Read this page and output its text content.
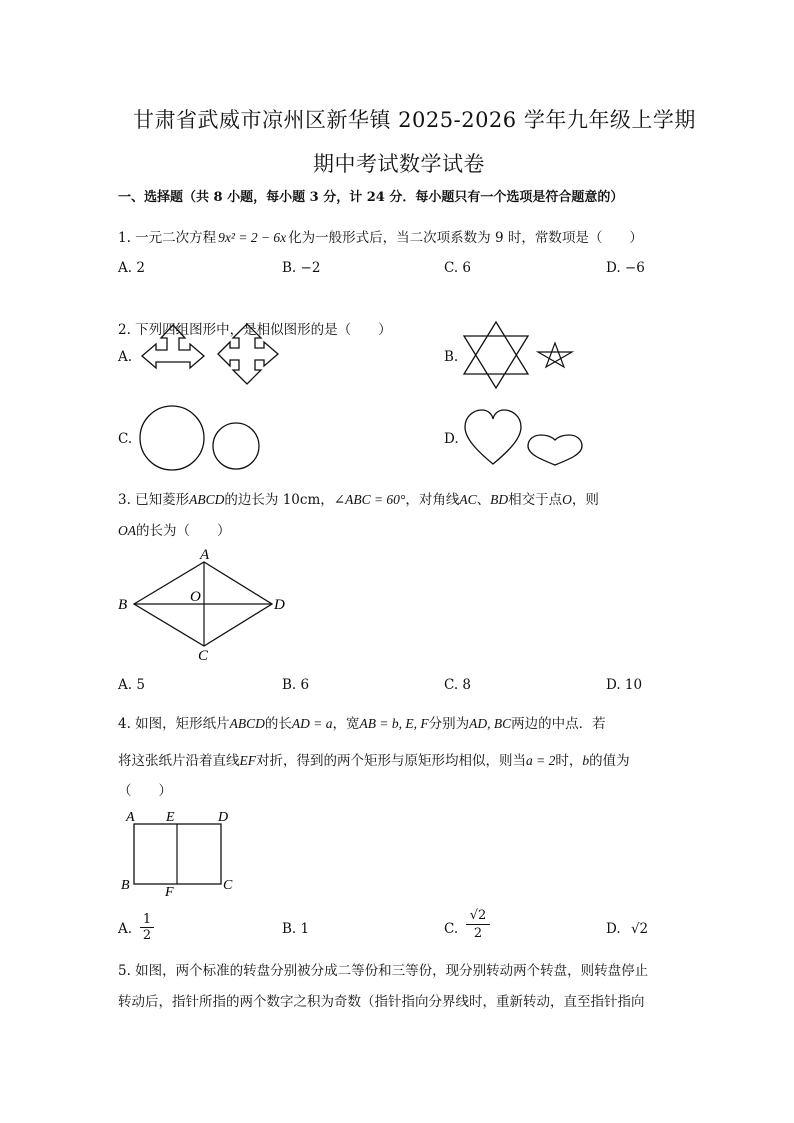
甘肃省武威市凉州区新华镇 2025-2026 学年九年级上学期
期中考试数学试卷
一、选择题（共 8 小题，每小题 3 分，计 24 分．每小题只有一个选项是符合题意的）
1. 一元二次方程 9x² = 2 − 6x 化为一般形式后，当二次项系数为 9 时，常数项是（　　）
A. 2	B. −2	C. 6	D. −6
2. 下列四组图形中，是相似图形的是（　　）
A.	B.
C.	D.
3. 已知菱形ABCD的边长为 10cm，∠ABC = 60°，对角线AC、BD相交于点O，则
OA的长为（　　）
A
B	D
C
O
A. 5	B. 6	C. 8	D. 10
4. 如图，矩形纸片ABCD的长AD = a，宽AB = b, E, F分别为AD, BC两边的中点．若
将这张纸片沿着直线EF对折，得到的两个矩形与原矩形均相似，则当a = 2时，b的值为
（　　）
A E	D
B	F	C
A. $\frac{1}{2}$	B. 1	C. $\frac{√2}{2}$	D. √2
5. 如图，两个标准的转盘分别被分成二等份和三等份，现分别转动两个转盘，则转盘停止
转动后，指针所指的两个数字之积为奇数（指针指向分界线时，重新转动，直至指针指向
